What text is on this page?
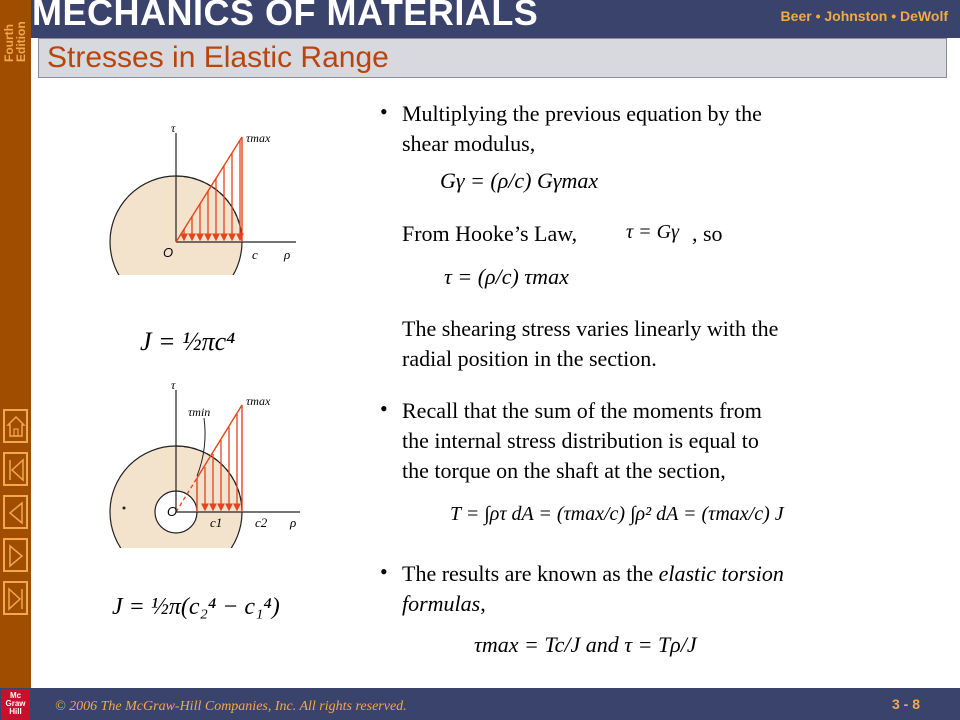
Fourth Edition
MECHANICS OF MATERIALS	Beer • Johnston • DeWolf
Stresses in Elastic Range
Mc Graw Hill	© 2006 The McGraw-Hill Companies, Inc. All rights reserved.	3 - 8
τ
τmax
O	c ρ
J = ½πc⁴
τ
τmax
τmin
O
c1	c2 ρ
J = ½π(c₂⁴ − c₁⁴)
• Multiplying the previous equation by the
shear modulus,
Gγ = (ρ/c) Gγmax
From Hooke’s Law, τ = Gγ , so
τ = (ρ/c) τmax
The shearing stress varies linearly with the
radial position in the section.
• Recall that the sum of the moments from
the internal stress distribution is equal to
the torque on the shaft at the section,
T = ∫ρτ dA = (τmax/c) ∫ρ² dA = (τmax/c) J
• The results are known as the elastic torsion
formulas,
τmax = Tc/J and τ = Tρ/J
